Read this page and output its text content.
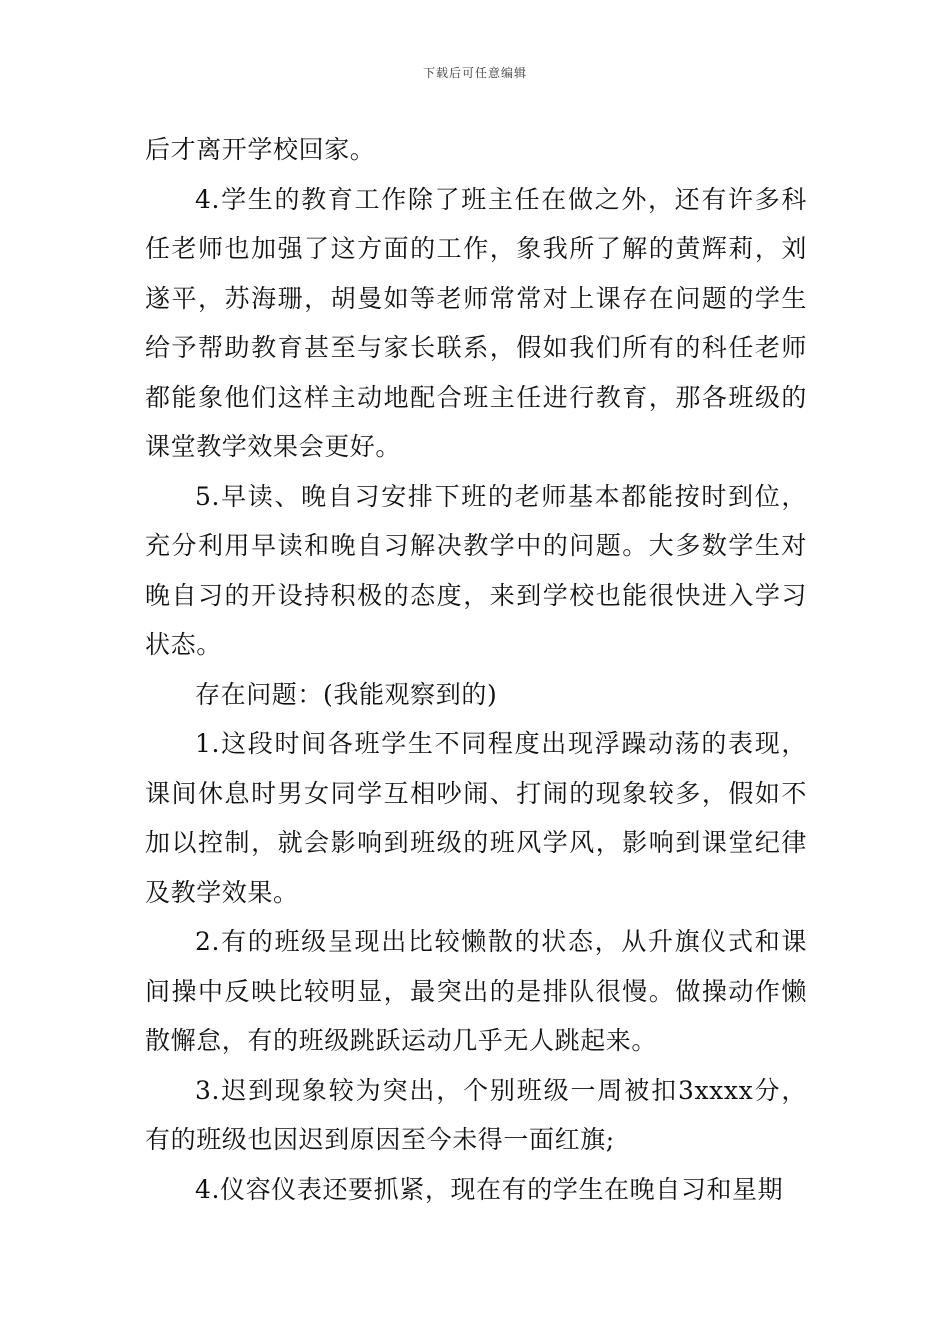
下载后可任意编辑

后才离开学校回家。

4.学生的教育工作除了班主任在做之外，还有许多科任老师也加强了这方面的工作，象我所了解的黄辉莉，刘遂平，苏海珊，胡曼如等老师常常对上课存在问题的学生给予帮助教育甚至与家长联系，假如我们所有的科任老师都能象他们这样主动地配合班主任进行教育，那各班级的课堂教学效果会更好。

5.早读、晚自习安排下班的老师基本都能按时到位，充分利用早读和晚自习解决教学中的问题。大多数学生对晚自习的开设持积极的态度，来到学校也能很快进入学习状态。

存在问题：(我能观察到的)

1.这段时间各班学生不同程度出现浮躁动荡的表现，课间休息时男女同学互相吵闹、打闹的现象较多，假如不加以控制，就会影响到班级的班风学风，影响到课堂纪律及教学效果。

2.有的班级呈现出比较懒散的状态，从升旗仪式和课间操中反映比较明显，最突出的是排队很慢。做操动作懒散懈怠，有的班级跳跃运动几乎无人跳起来。

3.迟到现象较为突出，个别班级一周被扣3xxxx分，有的班级也因迟到原因至今未得一面红旗;

4.仪容仪表还要抓紧，现在有的学生在晚自习和星期
